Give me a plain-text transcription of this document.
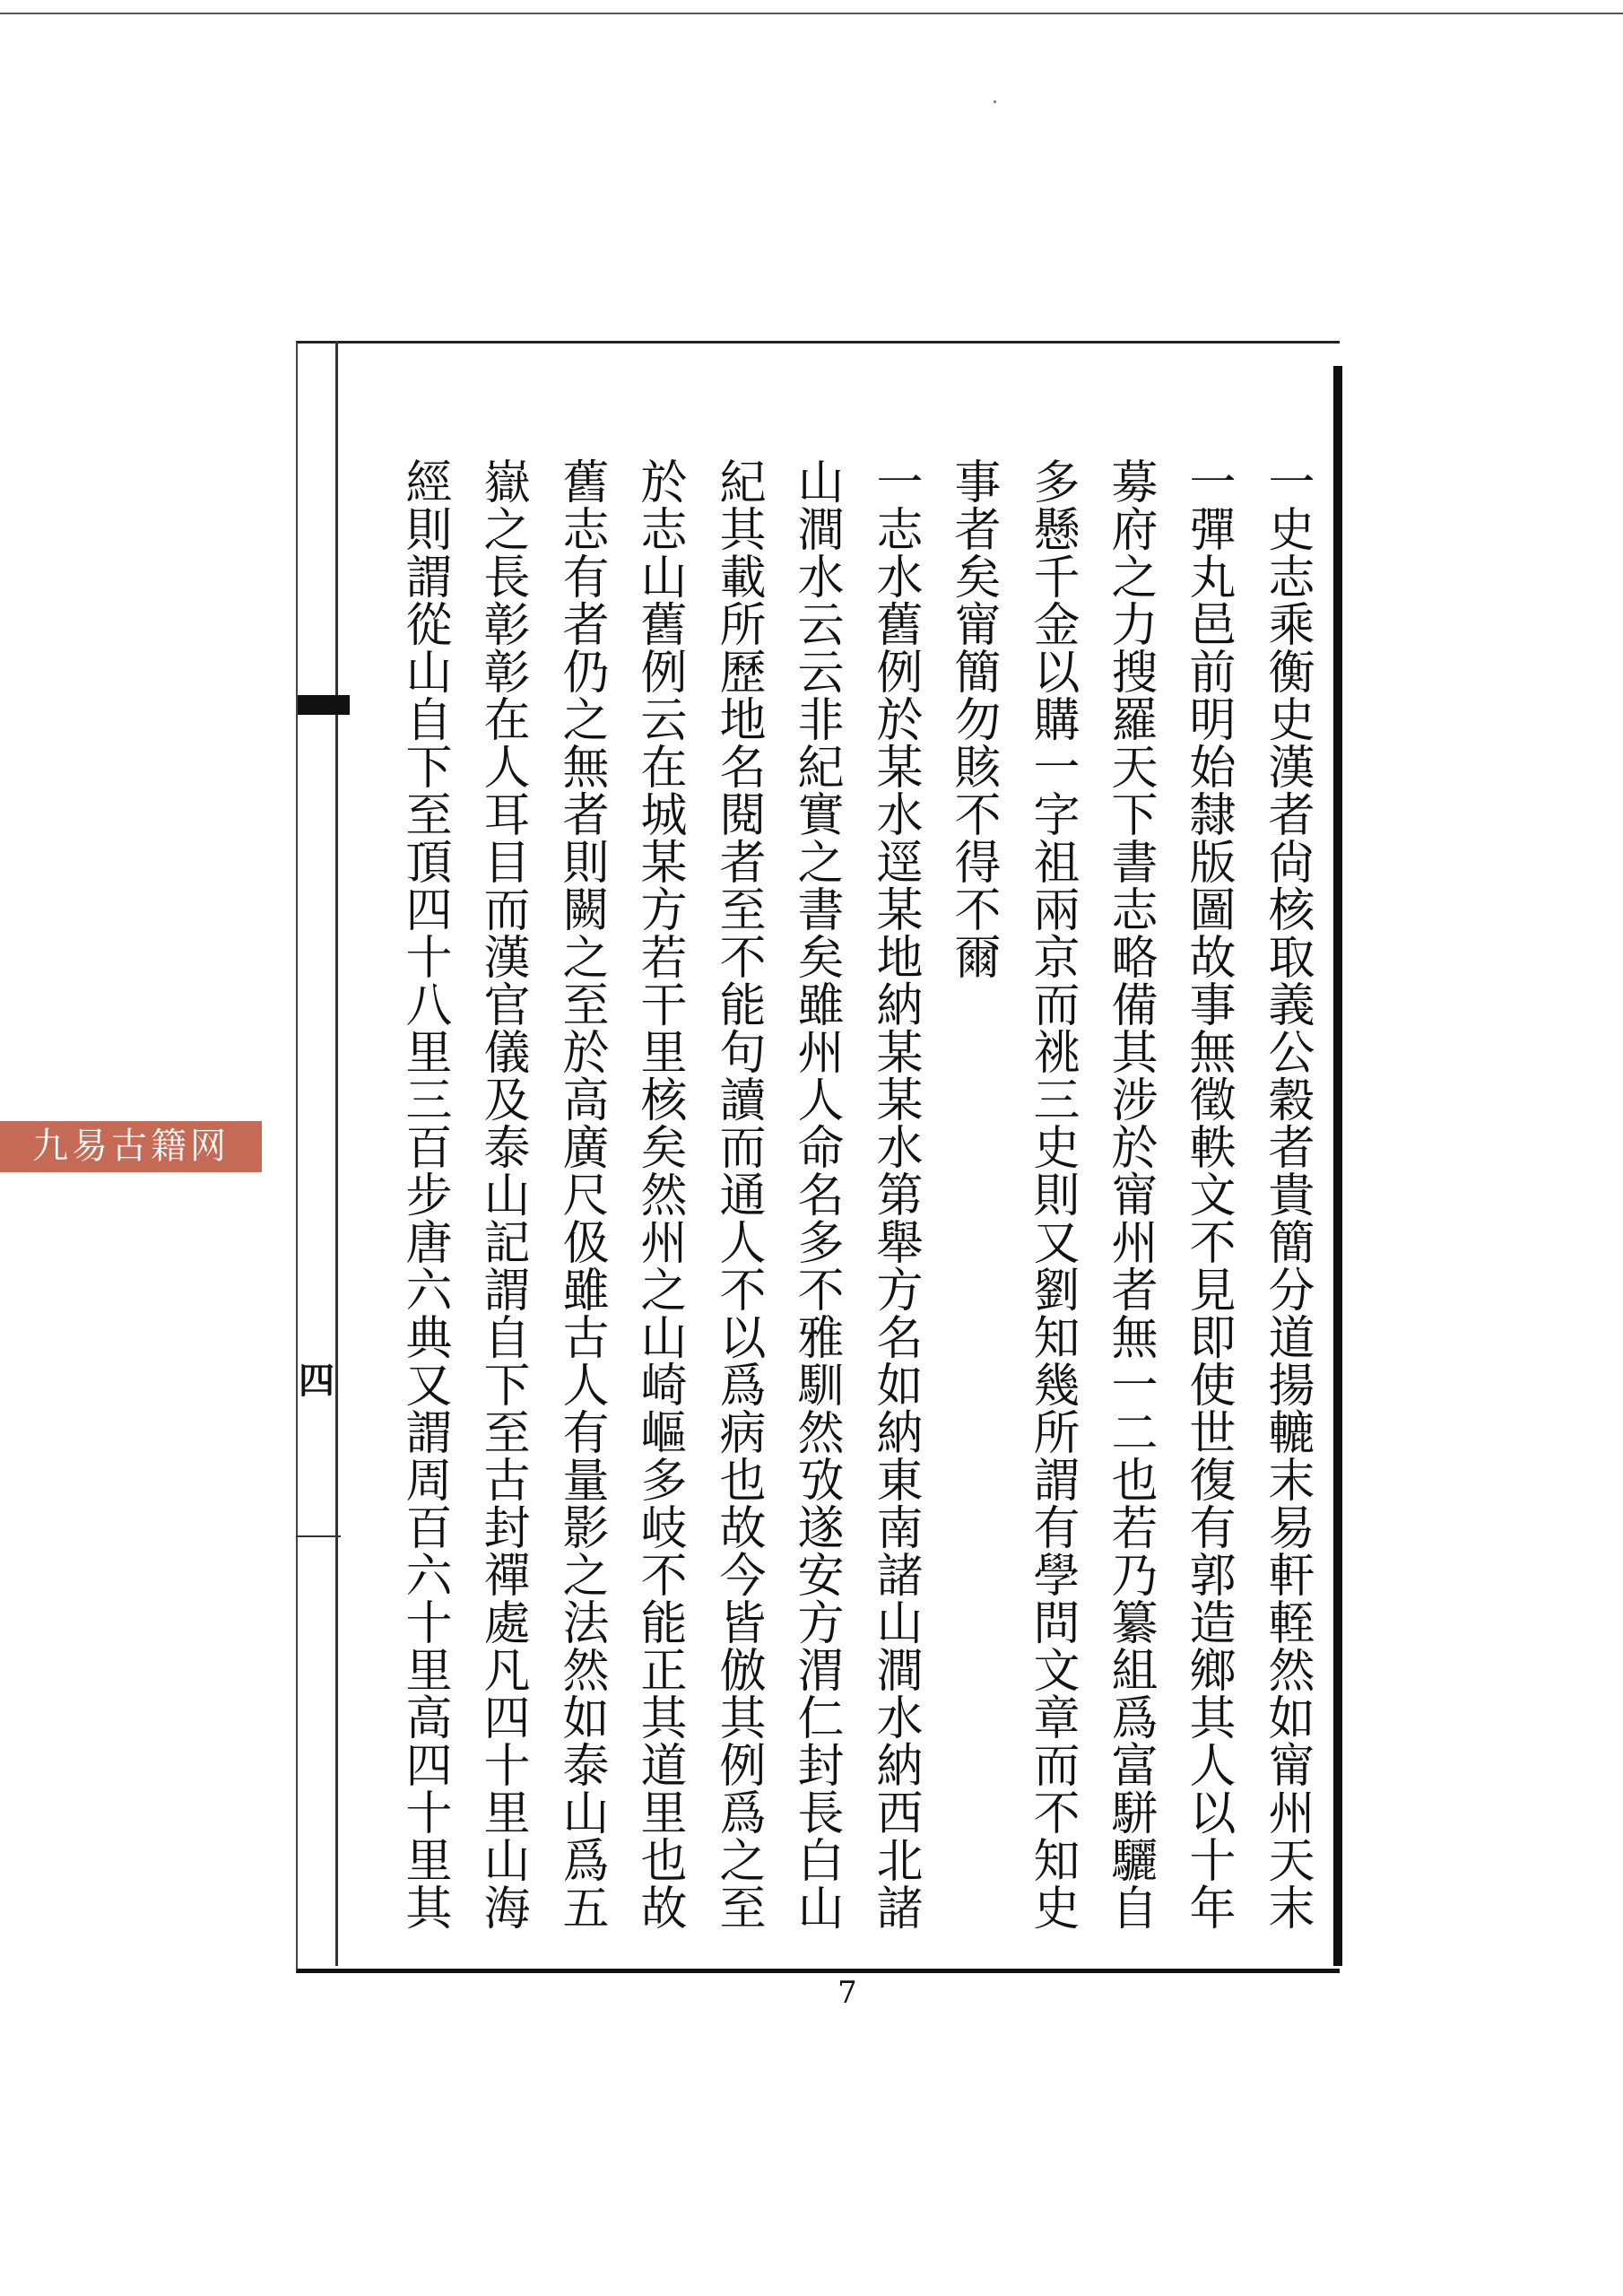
四	一史志乘衡史漢者尙核取義公穀者貴簡分道揚轆末易軒輊然如甯州天末
一彈丸邑前明始隸版圖故事無徵軼文不見即使世復有郭造鄉其人以十年
募府之力搜羅天下書志略備其涉於甯州者無一二也若乃纂組爲富駢驪自
多懸千金以購一字祖兩京而祧三史則又劉知幾所謂有學問文章而不知史
事者矣甯簡勿賅不得不爾
一志水舊例於某水逕某地納某某水第舉方名如納東南諸山澗水納西北諸
山澗水云云非紀實之書矣雖州人命名多不雅馴然攷遂安方渭仁封長白山
紀其載所歷地名閱者至不能句讀而通人不以爲病也故今皆倣其例爲之至
於志山舊例云在城某方若干里核矣然州之山崎嶇多岐不能正其道里也故
舊志有者仍之無者則闕之至於高廣尺伋雖古人有量影之法然如泰山爲五
嶽之長彰彰在人耳目而漢官儀及泰山記謂自下至古封禪處凡四十里山海
經則謂從山自下至頂四十八里三百步唐六典又謂周百六十里高四十里其
7
九易古籍网
